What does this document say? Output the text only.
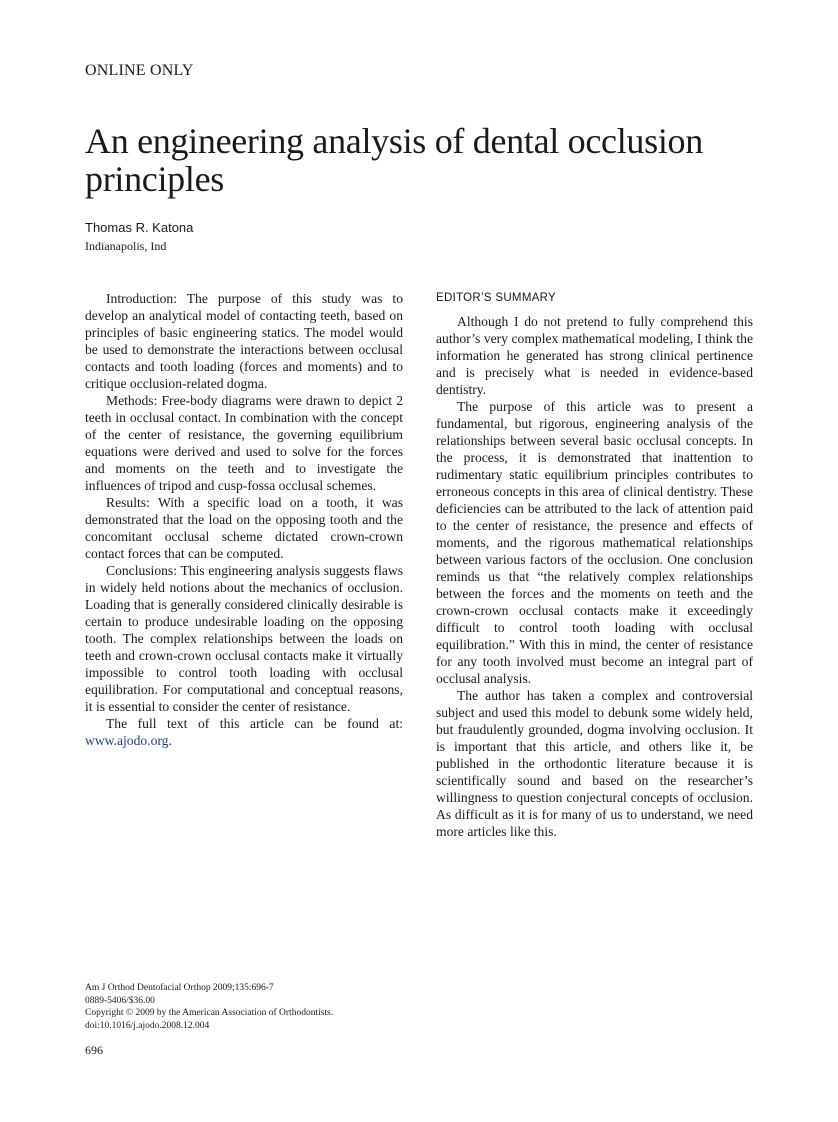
ONLINE ONLY
An engineering analysis of dental occlusion principles
Thomas R. Katona
Indianapolis, Ind

Introduction: The purpose of this study was to develop an analytical model of contacting teeth, based on principles of basic engineering statics. The model would be used to demonstrate the interactions between occlusal contacts and tooth loading (forces and moments) and to critique occlusion-related dogma.

Methods: Free-body diagrams were drawn to depict 2 teeth in occlusal contact. In combination with the concept of the center of resistance, the governing equilibrium equations were derived and used to solve for the forces and moments on the teeth and to investigate the influences of tripod and cusp-fossa occlusal schemes.

Results: With a specific load on a tooth, it was demonstrated that the load on the opposing tooth and the concomitant occlusal scheme dictated crown-crown contact forces that can be computed.

Conclusions: This engineering analysis suggests flaws in widely held notions about the mechanics of occlusion. Loading that is generally considered clinically desirable is certain to produce undesirable loading on the opposing tooth. The complex relationships between the loads on teeth and crown-crown occlusal contacts make it virtually impossible to control tooth loading with occlusal equilibration. For computational and conceptual reasons, it is essential to consider the center of resistance.

The full text of this article can be found at: www.ajodo.org.

EDITOR’S SUMMARY

Although I do not pretend to fully comprehend this author’s very complex mathematical modeling, I think the information he generated has strong clinical pertinence and is precisely what is needed in evidence-based dentistry.

The purpose of this article was to present a fundamental, but rigorous, engineering analysis of the relationships between several basic occlusal concepts. In the process, it is demonstrated that inattention to rudimentary static equilibrium principles contributes to erroneous concepts in this area of clinical dentistry. These deficiencies can be attributed to the lack of attention paid to the center of resistance, the presence and effects of moments, and the rigorous mathematical relationships between various factors of the occlusion. One conclusion reminds us that “the relatively complex relationships between the forces and the moments on teeth and the crown-crown occlusal contacts make it exceedingly difficult to control tooth loading with occlusal equilibration.” With this in mind, the center of resistance for any tooth involved must become an integral part of occlusal analysis.

The author has taken a complex and controversial subject and used this model to debunk some widely held, but fraudulently grounded, dogma involving occlusion. It is important that this article, and others like it, be published in the orthodontic literature because it is scientifically sound and based on the researcher’s willingness to question conjectural concepts of occlusion. As difficult as it is for many of us to understand, we need more articles like this.

Am J Orthod Dentofacial Orthop 2009;135:696-7
0889-5406/$36.00
Copyright © 2009 by the American Association of Orthodontists.
doi:10.1016/j.ajodo.2008.12.004
696
